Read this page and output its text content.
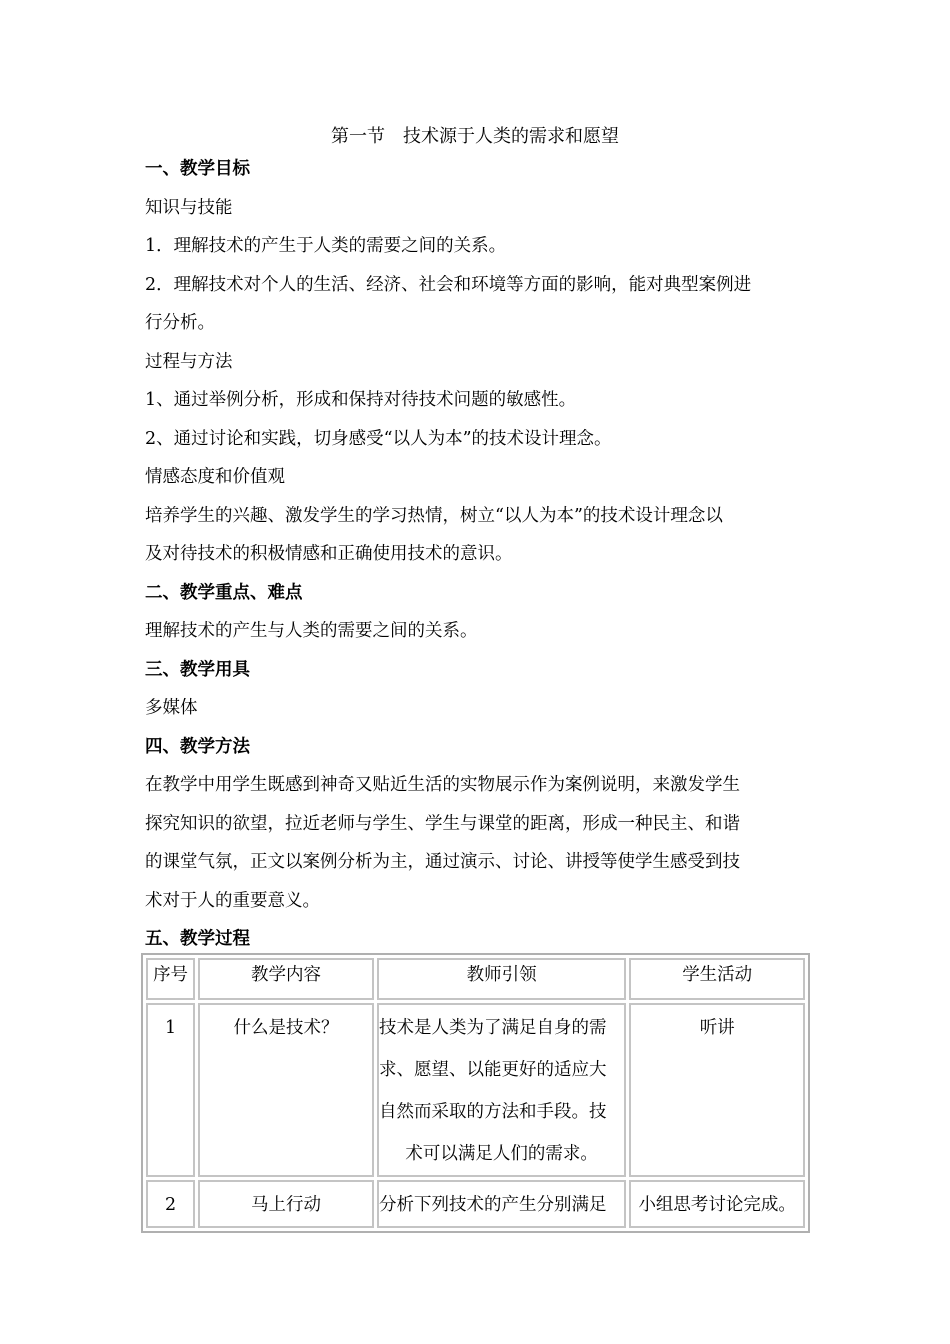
第一节　技术源于人类的需求和愿望

一、教学目标

知识与技能

1．理解技术的产生于人类的需要之间的关系。

2．理解技术对个人的生活、经济、社会和环境等方面的影响，能对典型案例进

行分析。

过程与方法

1、通过举例分析，形成和保持对待技术问题的敏感性。

2、通过讨论和实践，切身感受“以人为本”的技术设计理念。

情感态度和价值观

培养学生的兴趣、激发学生的学习热情，树立“以人为本”的技术设计理念以

及对待技术的积极情感和正确使用技术的意识。

二、教学重点、难点

理解技术的产生与人类的需要之间的关系。

三、教学用具

多媒体

四、教学方法

在教学中用学生既感到神奇又贴近生活的实物展示作为案例说明，来激发学生

探究知识的欲望，拉近老师与学生、学生与课堂的距离，形成一种民主、和谐

的课堂气氛，正文以案例分析为主，通过演示、讨论、讲授等使学生感受到技

术对于人的重要意义。

五、教学过程

序号	教学内容	教师引领	学生活动
1	什么是技术？	技术是人类为了满足自身的需
求、愿望、以能更好的适应大
自然而采取的方法和手段。技
术可以满足人们的需求。	听讲
2	马上行动	分析下列技术的产生分别满足	小组思考讨论完成。
